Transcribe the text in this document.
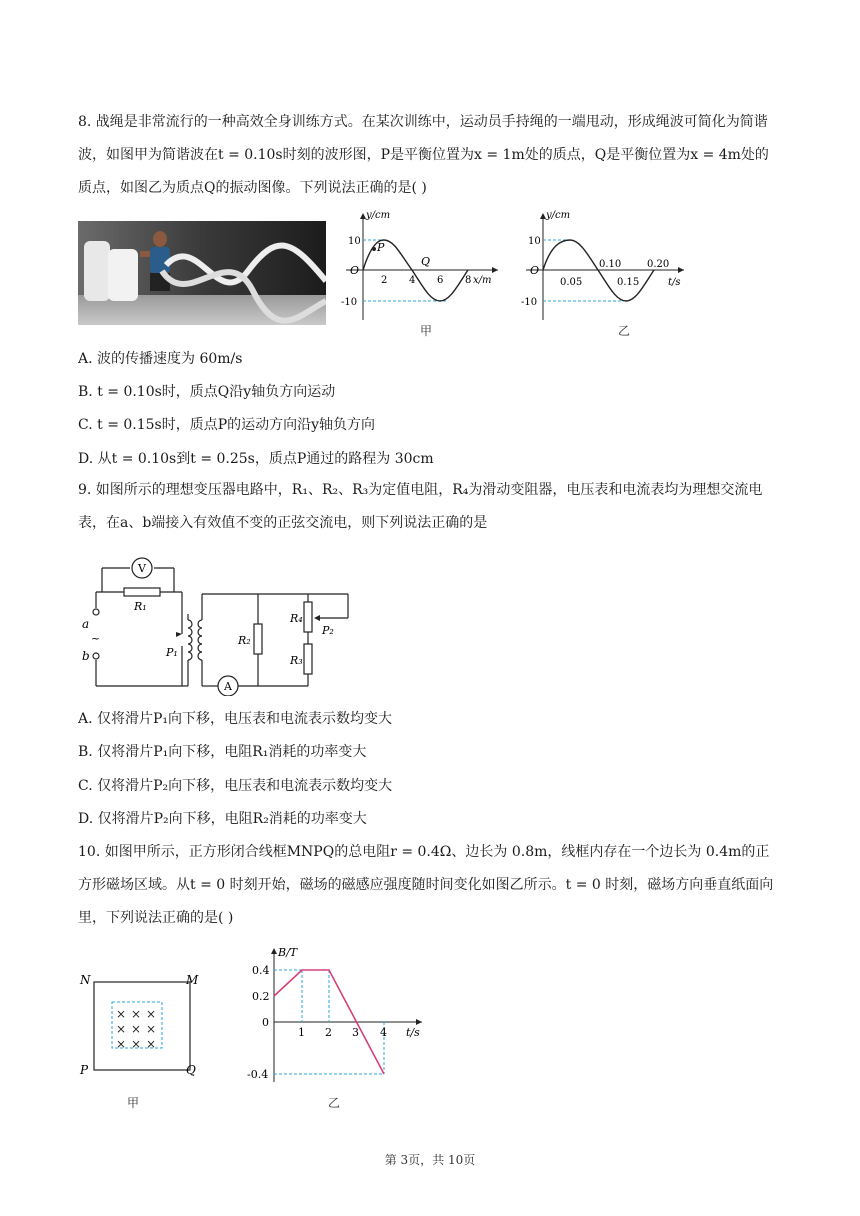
8. 战绳是非常流行的一种高效全身训练方式。在某次训练中，运动员手持绳的一端甩动，形成绳波可简化为简谐波，如图甲为简谐波在t = 0.10s时刻的波形图，P是平衡位置为x = 1m处的质点，Q是平衡位置为x = 4m处的质点，如图乙为质点Q的振动图像。下列说法正确的是( )

P
Q
y/cm
O
10
-10
2 4 6 8 x/m
甲
y/cm
O
10
-10
0.05
0.10
0.15
0.20
t/s
乙
A. 波的传播速度为 60m/s
B. t = 0.10s时，质点Q沿y轴负方向运动
C. t = 0.15s时，质点P的运动方向沿y轴负方向
D. 从t = 0.10s到t = 0.25s，质点P通过的路程为 30cm

9. 如图所示的理想变压器电路中，R₁、R₂、R₃为定值电阻，R₄为滑动变阻器，电压表和电流表均为理想交流电表，在a、b端接入有效值不变的正弦交流电，则下列说法正确的是

V
A
R₁
R₂
R₄
R₃
P₁
P₂
a
~
b
A. 仅将滑片P₁向下移，电压表和电流表示数均变大
B. 仅将滑片P₁向下移，电阻R₁消耗的功率变大
C. 仅将滑片P₂向下移，电压表和电流表示数均变大
D. 仅将滑片P₂向下移，电阻R₂消耗的功率变大

10. 如图甲所示，正方形闭合线框MNPQ的总电阻r = 0.4Ω、边长为 0.8m，线框内存在一个边长为 0.4m的正方形磁场区域。从t = 0 时刻开始，磁场的磁感应强度随时间变化如图乙所示。t = 0 时刻，磁场方向垂直纸面向里，下列说法正确的是( )

× × ×
× × ×
× × ×
N	M
P	Q
甲
B/T
0
0.4
0.2
-0.4
1 2 3 4 t/s
乙
第 3页，共 10页
